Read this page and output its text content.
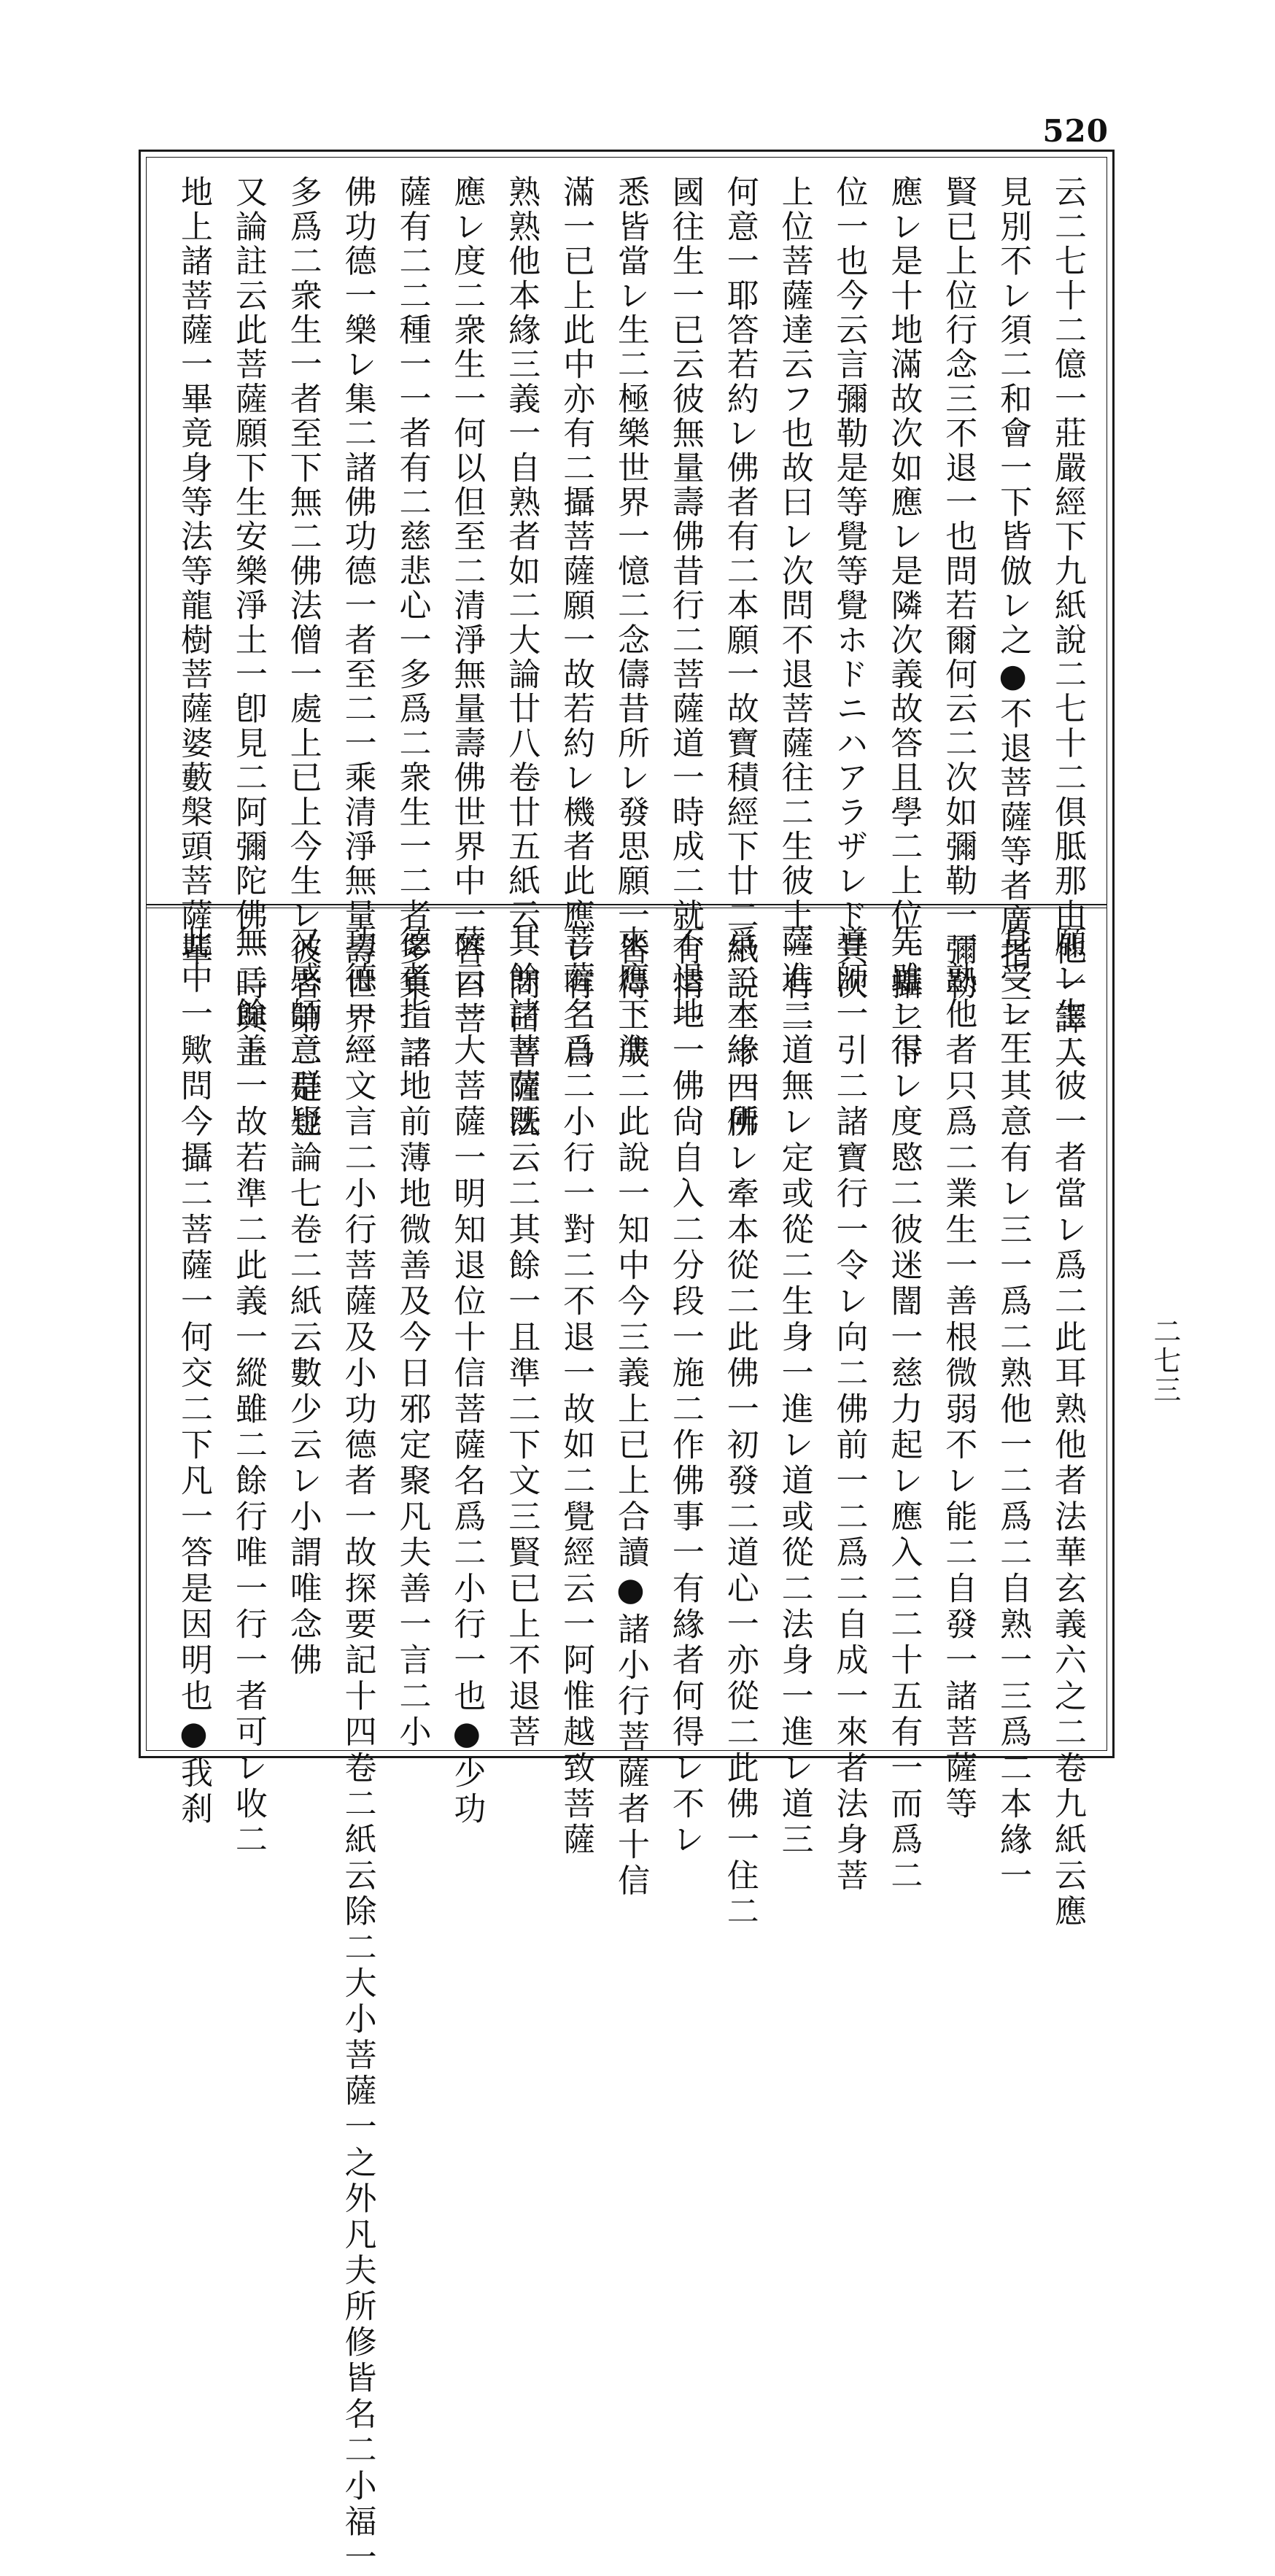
520
二七三
云二七十二億一莊嚴經下九紙說二七十二俱胝那由他一譯人
見別不レ須二和會一下皆倣レ之●不退菩薩等者廣指二三
賢已上位行念三不退一也問若爾何云二次如彌勒一彌勒
應レ是十地滿故次如應レ是隣次義故答且學二上位一攝二下
位一也今云言彌勒是等覺等覺ホドニハアラザレド其次
上位菩薩達云フ也故曰レ次問不退菩薩往二生彼土一有二
何意一耶答若約レ佛者有二本願一故寶積經下廿二紙說二十四佛
國往生一已云彼無量壽佛昔行二菩薩道一時成二就有情一
悉皆當レ生二極樂世界一憶二念儔昔所レ發思願一皆得二成
滿一已上此中亦有二攝菩薩願一故若約レ機者此應レ有二自
熟熟他本緣三義一自熟者如二大論廿八卷廿五紙云一問曰菩薩法
應レ度二衆生一何以但至二清淨無量壽佛世界中一答曰菩
薩有二二種一一者有二慈悲心一多爲二衆生一二者多集二諸
佛功德一樂レ集二諸佛功德一者至二一乘清淨無量壽世界一
多爲二衆生一者至下無二佛法僧一處上已上今生レ彼者第二是也
又論註云此菩薩願下生安樂淨土一卽見二阿彌陀佛一時與上
地上諸菩薩一畢竟身等法等龍樹菩薩婆藪槃頭菩薩輩
願レ生二彼一者當レ爲二此耳熟他者法華玄義六之二卷九紙云應
身受レ生其意有レ三一爲二熟他一二爲二自熟一三爲二本緣一
一熟他者只爲二業生一善根微弱不レ能二自發一諸菩薩等
先雖レ得レ度愍二彼迷闇一慈力起レ應入二二十五有一而爲二
導師一引二諸寶行一令レ向二佛前一二爲二自成一來者法身菩
薩進二道無レ定或從二生身一進レ道或從二法身一進レ道三
爲二本緣一所レ牽本從二此佛一初發二道心一亦從二此佛一住二
不退地一佛尙自入二分段一施二作佛事一有緣者何得レ不レ
來應下準二此說一知中今三義上已上合讀●諸小行菩薩者十信
菩薩名爲二小行一對二不退一故如二覺經云一阿惟越致菩薩
其餘諸菩薩既云二其餘一且準二下文三賢已上不退菩
薩云一大菩薩一明知退位十信菩薩名爲二小行一也●少功
德者指二地前薄地微善及今日邪定聚凡夫善一言二小
功德一經文言二小行菩薩及小功德者一故探要記十四卷二紙云除二大小菩薩一之外凡夫所修皆名二小福一
又感師意群疑論七卷二紙云數少云レ小謂唯念佛
無二餘善一故若準二此義一縱雖二餘行唯一行一者可レ收二
此中一歟問今攝二菩薩一何交二下凡一答是因明也●我刹
